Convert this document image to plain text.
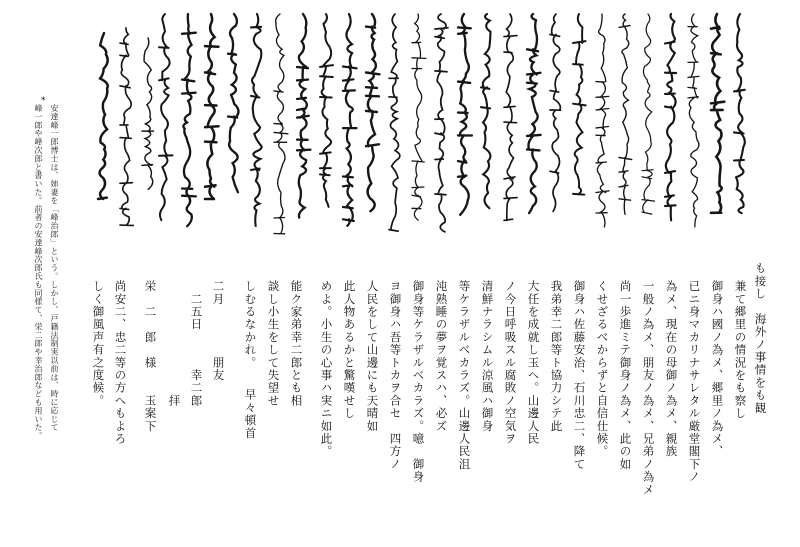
*
安達峰一郎博士は、姉妻を「峰治郎」という。しかし、戸籍法制実以前は、時に応じて
峰一郎や峰次郎と書いた。前者の安達峰次郎氏も同様て、栄二郎や幸治郎なども用いた。	も接し　海外ノ事情をも観
兼て郷里の情況をも察し
御身ハ國ノ為メ、郷里ノ為メ、
已ニ身マカリナサレタル厳堂閣下ノ
為メ、現在の母御ノ為メ、親族
一般ノ為メ、朋友ノ為メ、兄弟ノ為メ
尚一歩進ミテ御身ノ為メ、此の如
くせざるべからずと自信仕候。
御身ハ佐藤安治、石川忠二、降て
我弟幸二郎等ト協力シテ此
大任を成就し玉ヘ。山邊人民
ノ今日呼吸スル腐敗ノ空気ヲ
清鮮ナラシムル涼風ハ御身
等ケラザルベカラズ。山邊人民沮
沌熟睡の夢ヲ覚スハ、必ズ
御身等ケラザルベカラズ。噫　御身
ヨ御身ハ吾等トカヲ合セ　四方ノ
人民をして山邊にも天晴如
此人物あるかと驚嘆せし
めよ。小生の心事ハ実ニ如此。
能ク家弟幸二郎とも相
談し小生をして失望せ
しむるなかれ。　　早々頓首
二月　　　　朋友
　二五日　　　幸二郎
　　　　　　　　　拝
栄　二　郎　様　　玉案下
尚安二、忠二等の方へもよろ
しく御風声有之度候。
